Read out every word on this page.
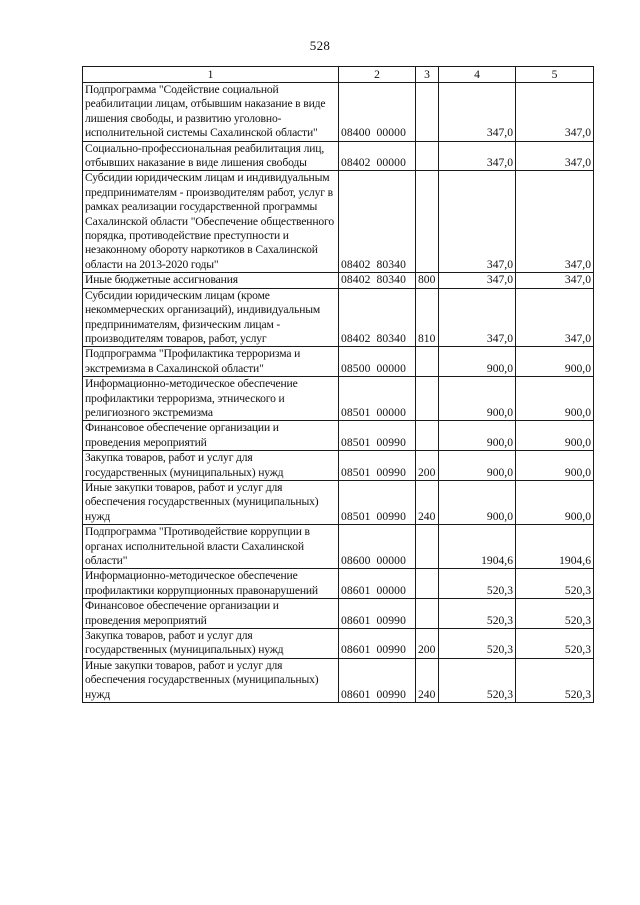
528
1	2	3	4	5
Подпрограмма "Содействие социальной реабилитации лицам, отбывшим наказание в виде лишения свободы, и развитию уголовно-исполнительной системы Сахалинской области"	08400  00000		347,0	347,0
Социально-профессиональная реабилитация лиц, отбывших наказание в виде лишения свободы	08402  00000		347,0	347,0
Субсидии юридическим лицам и индивидуальным предпринимателям - производителям работ, услуг в рамках реализации государственной программы Сахалинской области "Обеспечение общественного порядка, противодействие преступности и незаконному обороту наркотиков в Сахалинской области на 2013-2020 годы"	08402  80340		347,0	347,0
Иные бюджетные ассигнования	08402  80340	800	347,0	347,0
Субсидии юридическим лицам (кроме некоммерческих организаций), индивидуальным предпринимателям, физическим лицам - производителям товаров, работ, услуг	08402  80340	810	347,0	347,0
Подпрограмма "Профилактика терроризма и экстремизма в Сахалинской области"	08500  00000		900,0	900,0
Информационно-методическое обеспечение профилактики терроризма, этнического и религиозного экстремизма	08501  00000		900,0	900,0
Финансовое обеспечение организации и проведения мероприятий	08501  00990		900,0	900,0
Закупка товаров, работ и услуг для государственных (муниципальных) нужд	08501  00990	200	900,0	900,0
Иные закупки товаров, работ и услуг для обеспечения государственных (муниципальных) нужд	08501  00990	240	900,0	900,0
Подпрограмма "Противодействие коррупции в органах исполнительной власти Сахалинской области"	08600  00000		1904,6	1904,6
Информационно-методическое обеспечение профилактики коррупционных правонарушений	08601  00000		520,3	520,3
Финансовое обеспечение организации и проведения мероприятий	08601  00990		520,3	520,3
Закупка товаров, работ и услуг для государственных (муниципальных) нужд	08601  00990	200	520,3	520,3
Иные закупки товаров, работ и услуг для обеспечения государственных (муниципальных) нужд	08601  00990	240	520,3	520,3
